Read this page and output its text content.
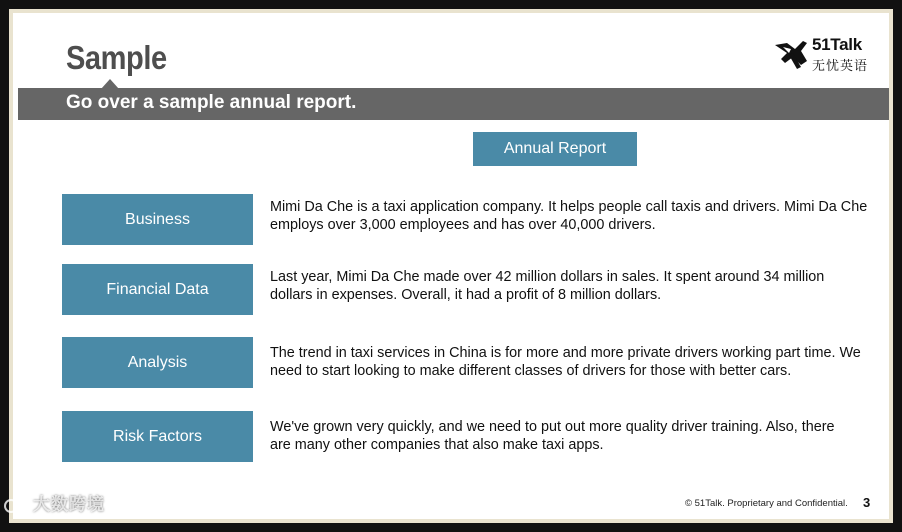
Sample	51Talk
无忧英语
Go over a sample annual report.
Annual Report
Business
Mimi Da Che is a taxi application company. It helps people call taxis and drivers. Mimi Da Che employs over 3,000 employees and has over 40,000 drivers.
Financial Data
Last year, Mimi Da Che made over 42 million dollars in sales. It spent around 34 million dollars in expenses. Overall, it had a profit of 8 million dollars.
Analysis
The trend in taxi services in China is for more and more private drivers working part time. We need to start looking to make different classes of drivers for those with better cars.
Risk Factors
We've grown very quickly, and we need to put out more quality driver training. Also, there are many other companies that also make taxi apps.
© 51Talk. Proprietary and Confidential. 3
大数跨境
